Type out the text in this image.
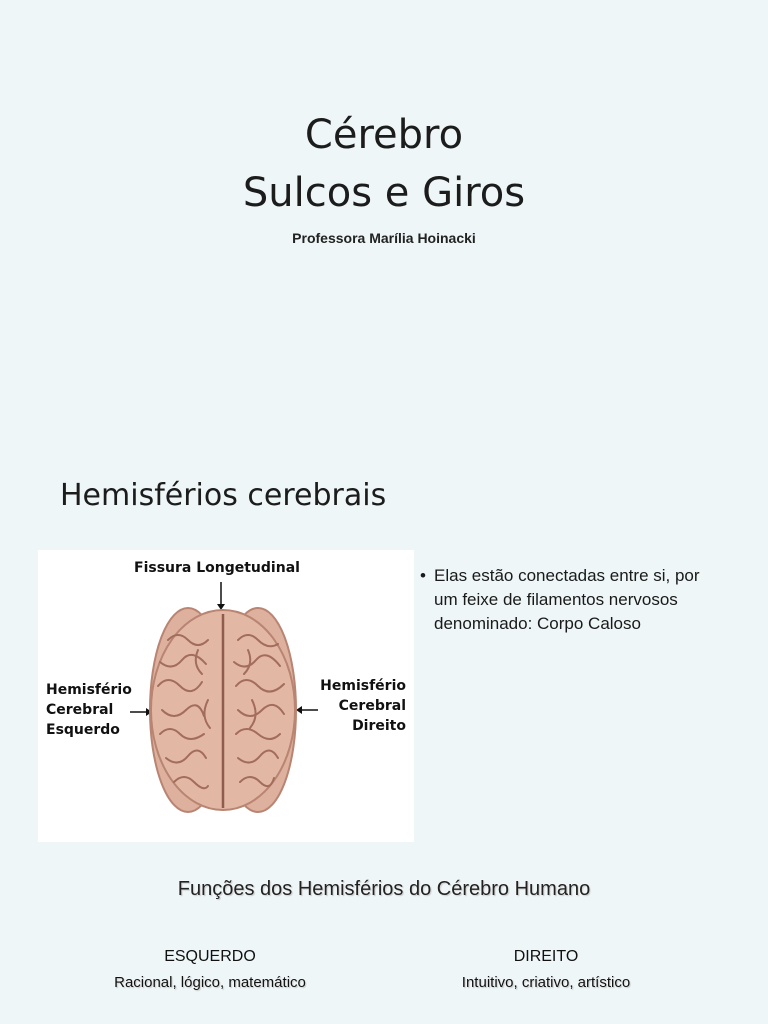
Cérebro
Sulcos e Giros
Professora Marília Hoinacki
Hemisférios cerebrais
Fissura Longetudinal
Hemisfério
Cerebral
Esquerdo
Hemisfério
Cerebral
Direito
• Elas estão conectadas entre si, por um feixe de filamentos nervosos denominado: Corpo Caloso
Funções dos Hemisférios do Cérebro Humano
ESQUERDO
Racional, lógico, matemático
DIREITO
Intuitivo, criativo, artístico
